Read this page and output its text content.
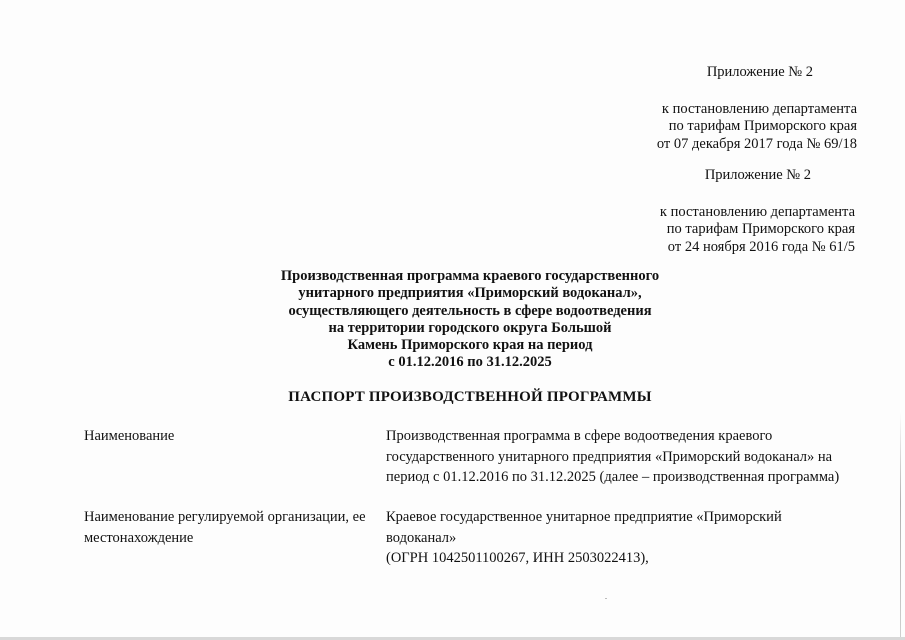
Приложение № 2
к постановлению департамента
по тарифам Приморского края
от 07 декабря 2017 года № 69/18
Приложение № 2
к постановлению департамента
по тарифам Приморского края
от 24 ноября 2016 года № 61/5
Производственная программа краевого государственного
унитарного предприятия «Приморский водоканал»,
осуществляющего деятельность в сфере водоотведения
на территории городского округа Большой
Камень Приморского края на период
с 01.12.2016 по 31.12.2025
ПАСПОРТ ПРОИЗВОДСТВЕННОЙ ПРОГРАММЫ
Наименование	Производственная программа в сфере водоотведения краевого
государственного унитарного предприятия «Приморский водоканал» на
период с 01.12.2016 по 31.12.2025 (далее – производственная программа)
Наименование регулируемой организации, ее
местонахождение
Краевое государственное унитарное предприятие «Приморский
водоканал»
(ОГРН 1042501100267, ИНН 2503022413),
